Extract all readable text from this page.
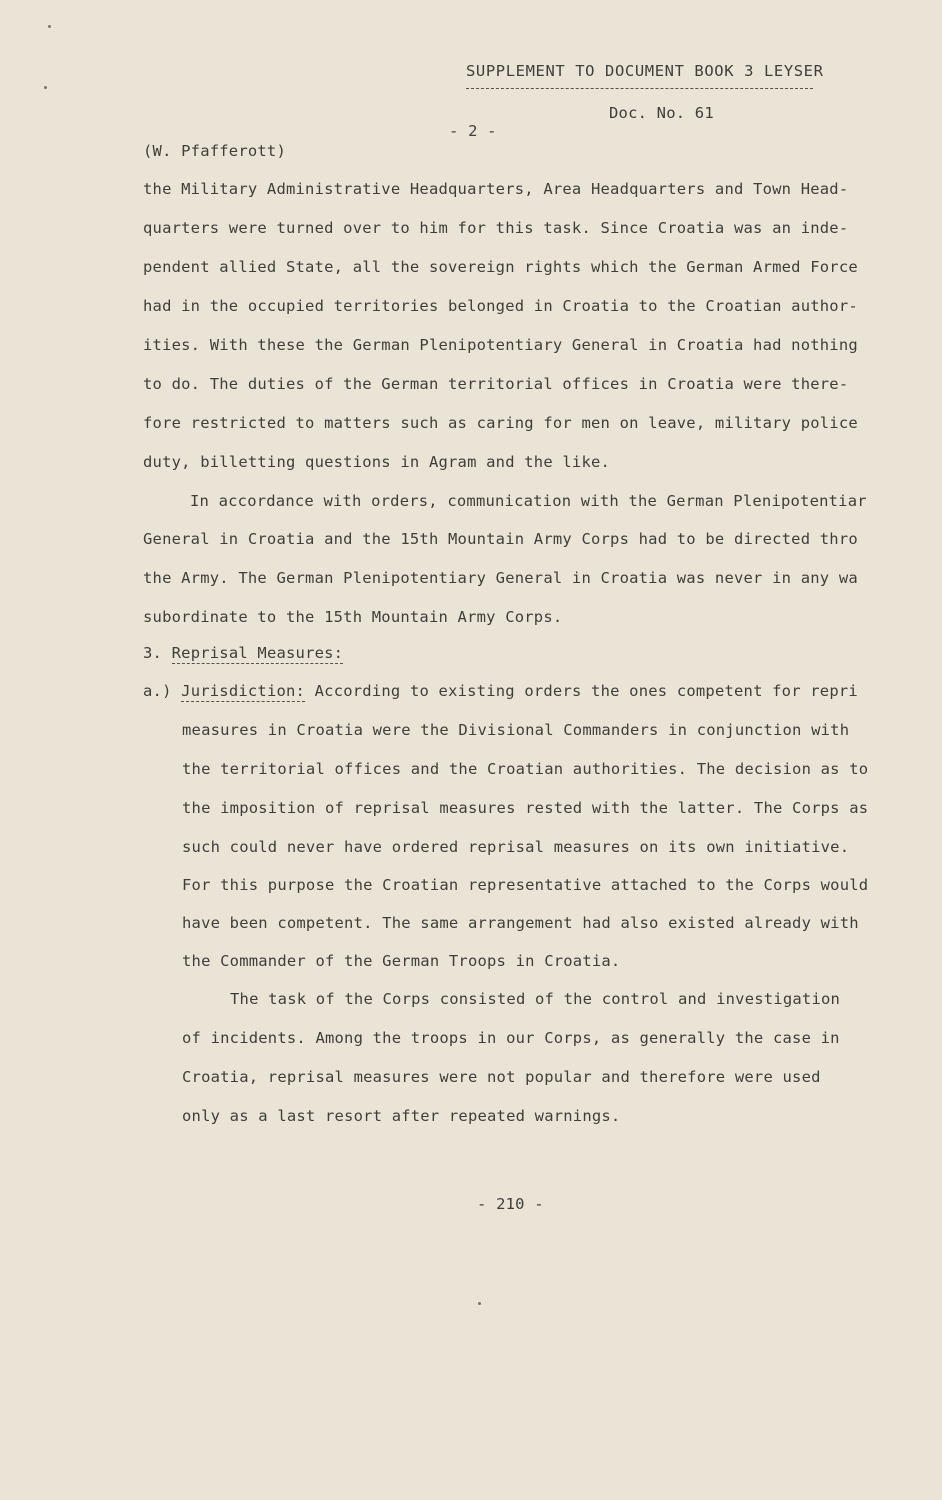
SUPPLEMENT TO DOCUMENT BOOK 3 LEYSER
Doc. No. 61
- 2 -
(W. Pfafferott)
the Military Administrative Headquarters, Area Headquarters and Town Head-
quarters were turned over to him for this task. Since Croatia was an inde-
pendent allied State, all the sovereign rights which the German Armed Force
had in the occupied territories belonged in Croatia to the Croatian author-
ities. With these the German Plenipotentiary General in Croatia had nothing
to do. The duties of the German territorial offices in Croatia were there-
fore restricted to matters such as caring for men on leave, military police
duty, billetting questions in Agram and the like.
In accordance with orders, communication with the German Plenipotentiar
General in Croatia and the 15th Mountain Army Corps had to be directed thro
the Army. The German Plenipotentiary General in Croatia was never in any wa
subordinate to the 15th Mountain Army Corps.
3. Reprisal Measures:
a.) Jurisdiction: According to existing orders the ones competent for repri
measures in Croatia were the Divisional Commanders in conjunction with
the territorial offices and the Croatian authorities. The decision as to
the imposition of reprisal measures rested with the latter. The Corps as
such could never have ordered reprisal measures on its own initiative.
For this purpose the Croatian representative attached to the Corps would
have been competent. The same arrangement had also existed already with
the Commander of the German Troops in Croatia.
The task of the Corps consisted of the control and investigation
of incidents. Among the troops in our Corps, as generally the case in
Croatia, reprisal measures were not popular and therefore were used
only as a last resort after repeated warnings.
- 210 -
